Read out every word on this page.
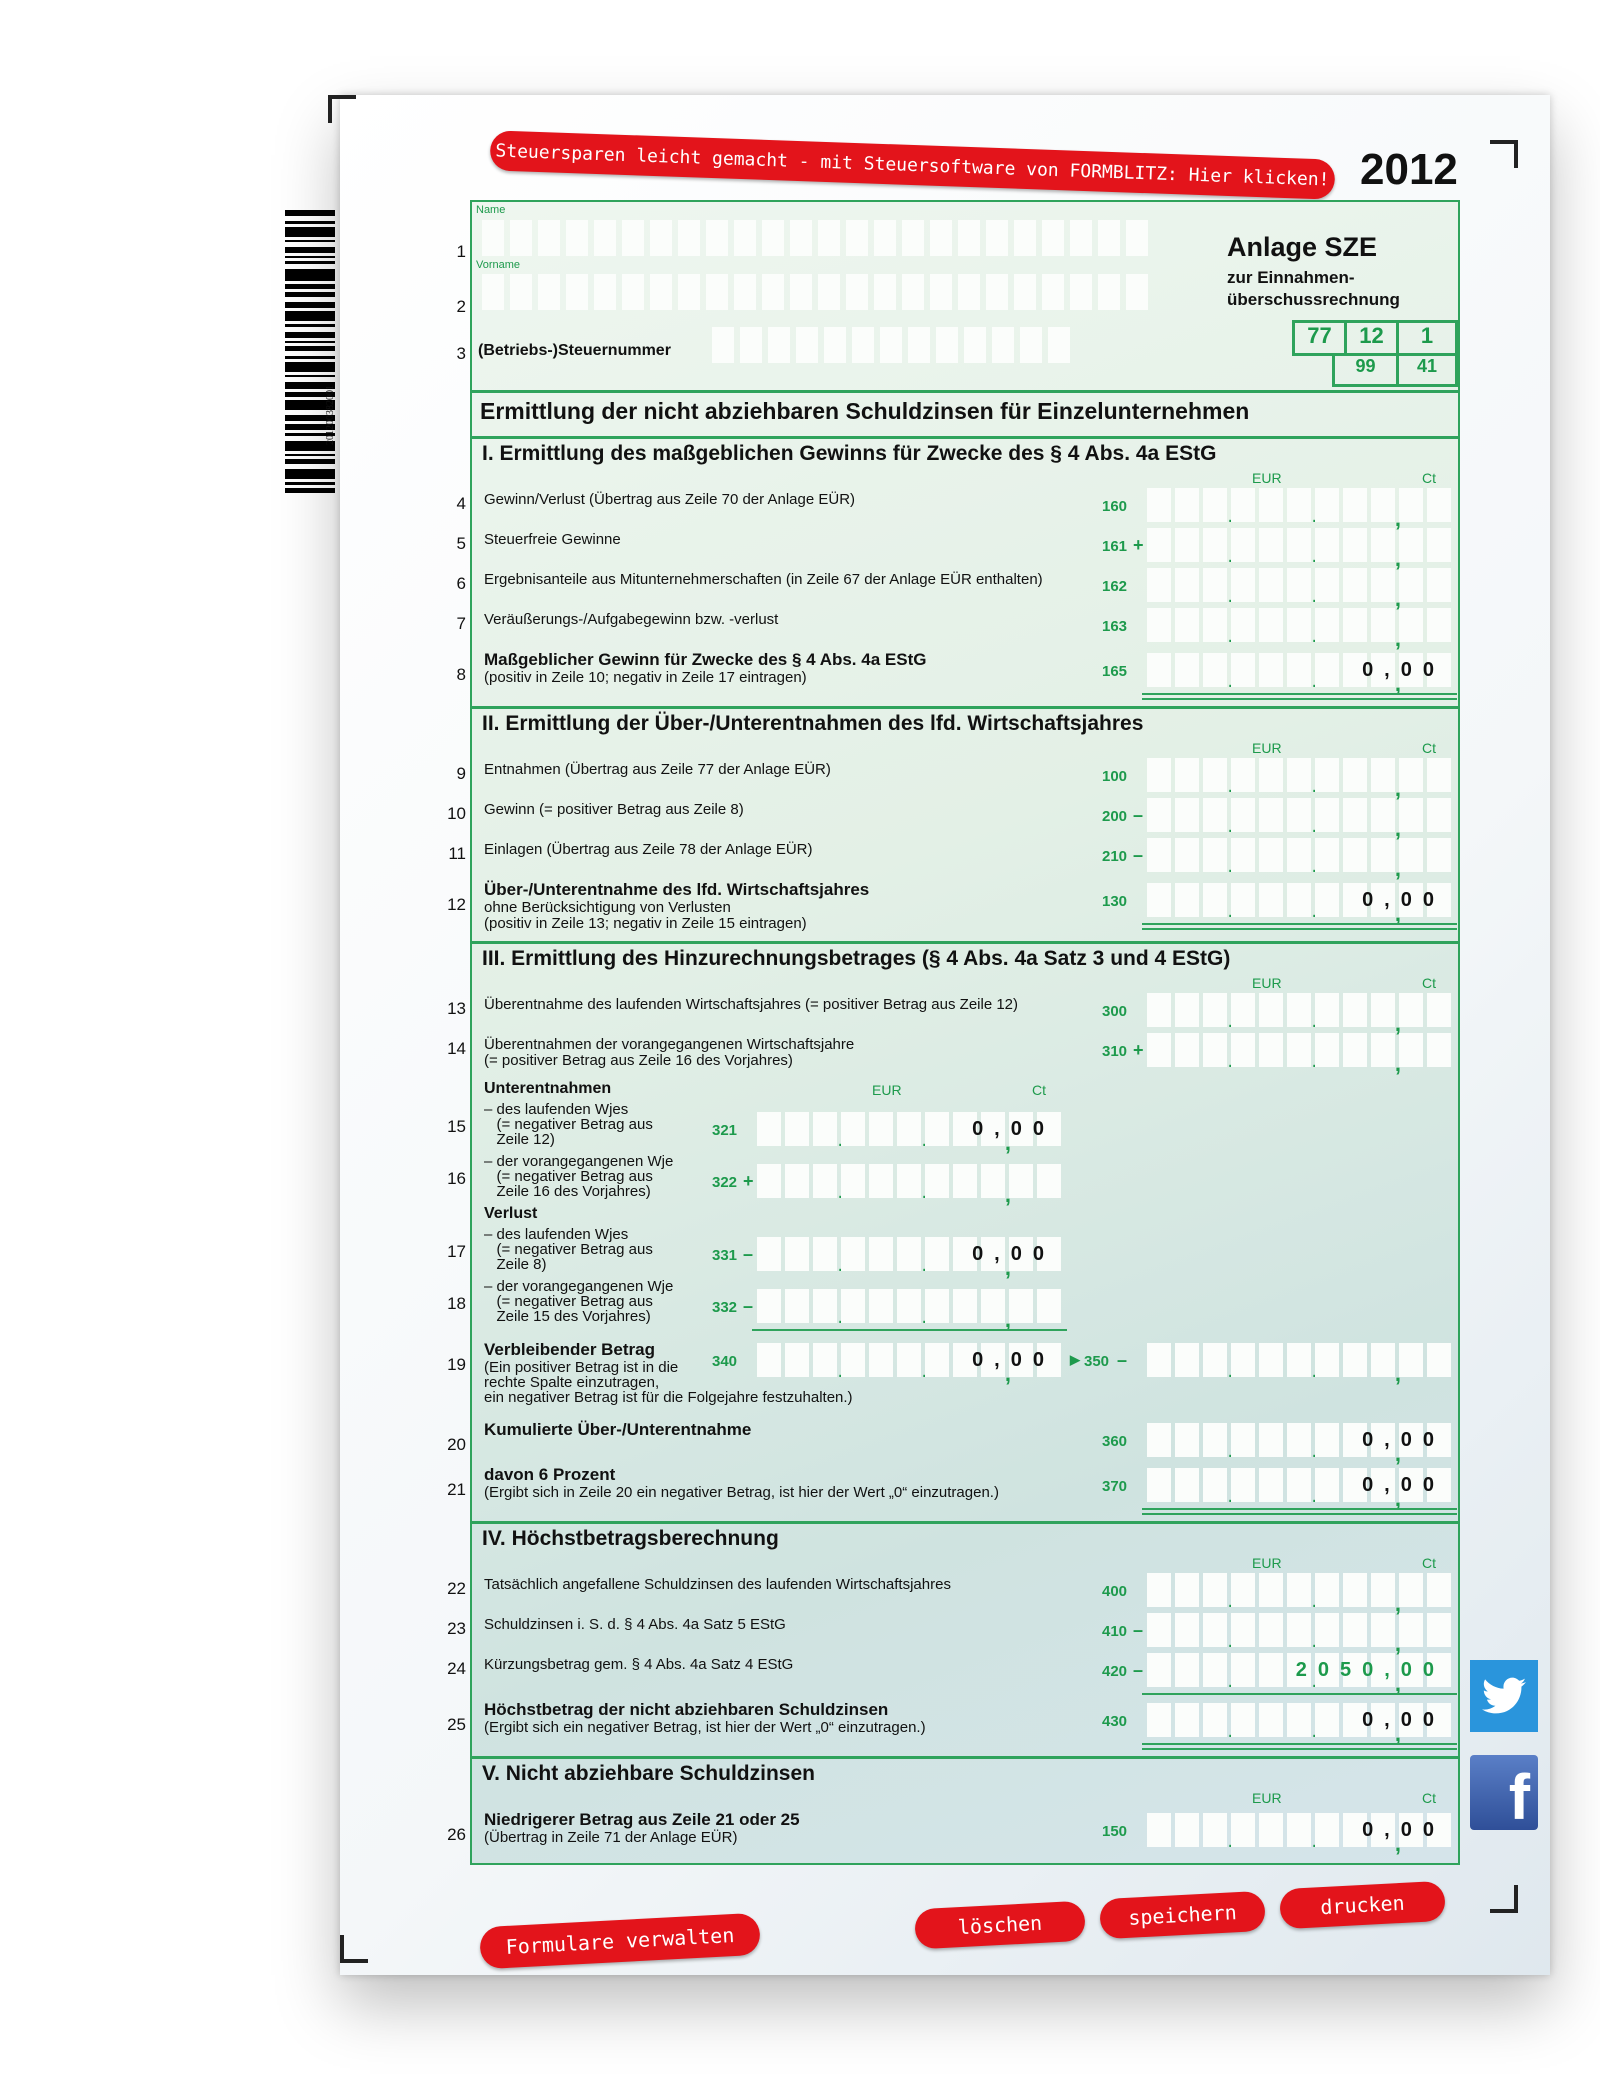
Steuersparen leicht gemacht - mit Steuersoftware von FORMBLITZ: Hier klicken! 2012
201200382001
Name
Vorname
(Betriebs-)Steuernummer
1
2
3
Anlage SZE
zur Einnahmen-
überschussrechnung
77	12	1
99	41
Ermittlung der nicht abziehbaren Schuldzinsen für Einzelunternehmen
I. Ermittlung des maßgeblichen Gewinns für Zwecke des § 4 Abs. 4a EStG
EUR	Ct
II. Ermittlung der Über-/Unterentnahmen des lfd. Wirtschaftsjahres
EUR	Ct
III. Ermittlung des Hinzurechnungsbetrages (§ 4 Abs. 4a Satz 3 und 4 EStG)
EUR	Ct
IV. Höchstbetragsberechnung
EUR	Ct
V. Nicht abziehbare Schuldzinsen
EUR	Ct
EUR	Ct
Unterentnahmen
Verlust
4 Gewinn/Verlust (Übertrag aus Zeile 70 der Anlage EÜR)	160
.
.
,
5 Steuerfreie Gewinne	161 +
.
.
,
6 Ergebnisanteile aus Mitunternehmerschaften (in Zeile 67 der Anlage EÜR enthalten)	162
.
.
,
7 Veräußerungs-/Aufgabegewinn bzw. -verlust	163
.
.
,
8
Maßgeblicher Gewinn für Zwecke des § 4 Abs. 4a EStG
(positiv in Zeile 10; negativ in Zeile 17 eintragen)	165 . . ,	0,00
9 Entnahmen (Übertrag aus Zeile 77 der Anlage EÜR)	100
.
.
,
10 Gewinn (= positiver Betrag aus Zeile 8)	200 –
.
.
,
11 Einlagen (Übertrag aus Zeile 78 der Anlage EÜR)	210 –
.
.
,
12
Über-/Unterentnahme des lfd. Wirtschaftsjahres
ohne Berücksichtigung von Verlusten
(positiv in Zeile 13; negativ in Zeile 15 eintragen)
130 . . ,	0,00
13 Überentnahme des laufenden Wirtschaftsjahres (= positiver Betrag aus Zeile 12)	300
.
.
,
14 Überentnahmen der vorangegangenen Wirtschaftsjahre
(= positiver Betrag aus Zeile 16 des Vorjahres)
310 +
.
.
,
15
– des laufenden Wjes
(= negativer Betrag aus
Zeile 12)
321 . . ,	0,00
16
– der vorangegangenen Wje
(= negativer Betrag aus
Zeile 16 des Vorjahres)
322 +
.
.
,
17
– des laufenden Wjes
(= negativer Betrag aus
Zeile 8)
331 – . . ,	0,00
18
– der vorangegangenen Wje
(= negativer Betrag aus
Zeile 15 des Vorjahres)
332 –
.
.
,
19
Verbleibender Betrag
(Ein positiver Betrag ist in die
rechte Spalte einzutragen,
ein negativer Betrag ist für die Folgejahre festzuhalten.)
340 . . ,	0,00 ▶ 350 –
.
.
,
20
Kumulierte Über-/Unterentnahme
360 . . ,	0,00
21
davon 6 Prozent
(Ergibt sich in Zeile 20 ein negativer Betrag, ist hier der Wert „0“ einzutragen.)	370 . . ,	0,00
22 Tatsächlich angefallene Schuldzinsen des laufenden Wirtschaftsjahres	400
.
.
,
23 Schuldzinsen i. S. d. § 4 Abs. 4a Satz 5 EStG	410 –
.
.
,
24 Kürzungsbetrag gem. § 4 Abs. 4a Satz 4 EStG	420 – . . ,	2050,00
25
Höchstbetrag der nicht abziehbaren Schuldzinsen
(Ergibt sich ein negativer Betrag, ist hier der Wert „0“ einzutragen.)	430 . . ,	0,00
26
Niedrigerer Betrag aus Zeile 21 oder 25
(Übertrag in Zeile 71 der Anlage EÜR)	150 . . ,	0,00
Formulare verwalten	löschen	speichern	drucken
f
